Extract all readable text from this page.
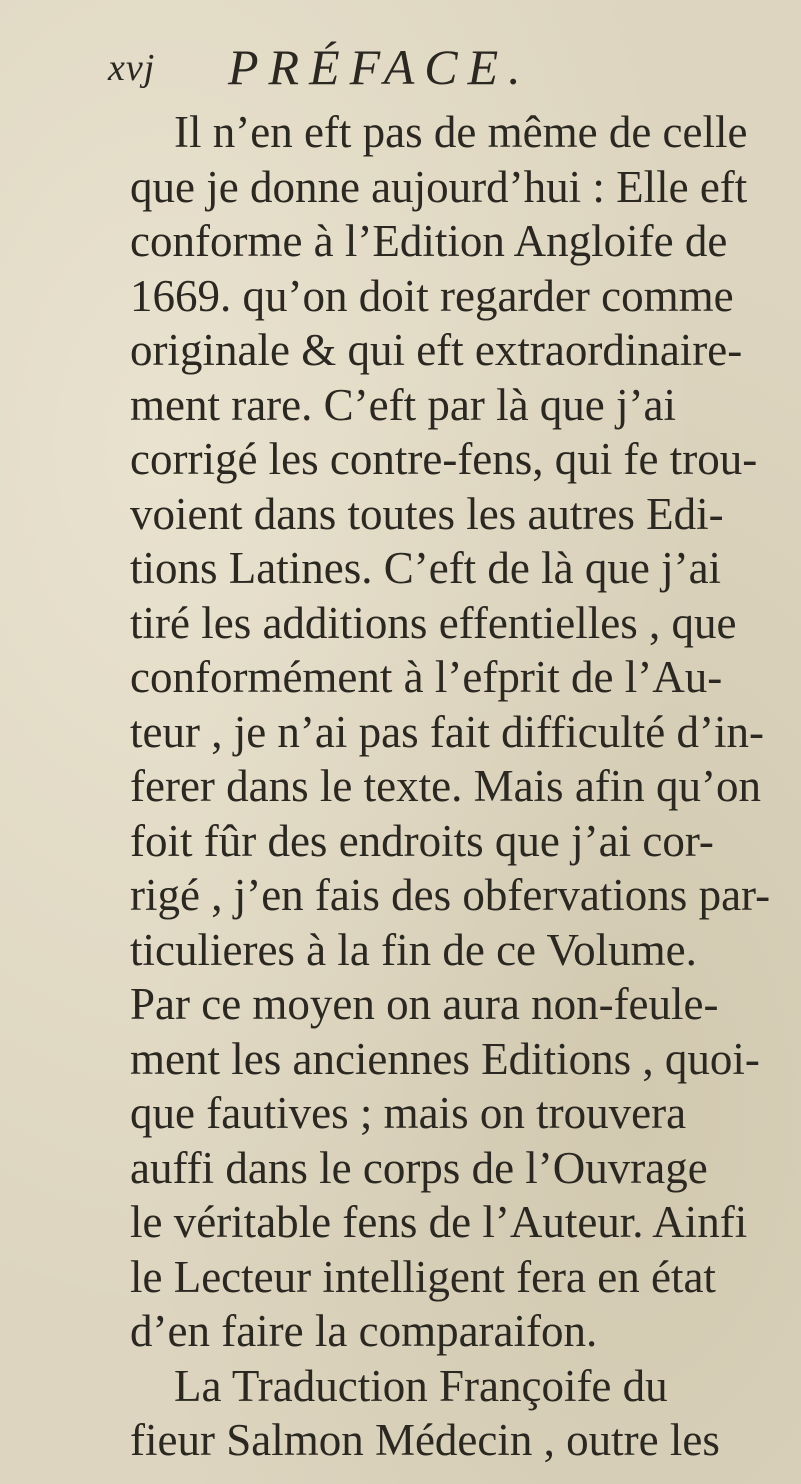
xvj PRÉFACE.
Il n’en eft pas de même de celle
que je donne aujourd’hui : Elle eft
conforme à l’Edition Angloife de
1669. qu’on doit regarder comme
originale & qui eft extraordinaire-
ment rare. C’eft par là que j’ai
corrigé les contre-fens, qui fe trou-
voient dans toutes les autres Edi-
tions Latines. C’eft de là que j’ai
tiré les additions effentielles , que
conformément à l’efprit de l’Au-
teur , je n’ai pas fait difficulté d’in-
ferer dans le texte. Mais afin qu’on
foit fûr des endroits que j’ai cor-
rigé , j’en fais des obfervations par-
ticulieres à la fin de ce Volume.
Par ce moyen on aura non-feule-
ment les anciennes Editions , quoi-
que fautives ; mais on trouvera
auffi dans le corps de l’Ouvrage
le véritable fens de l’Auteur. Ainfi
le Lecteur intelligent fera en état
d’en faire la comparaifon.
La Traduction Françoife du
fieur Salmon Médecin , outre les
